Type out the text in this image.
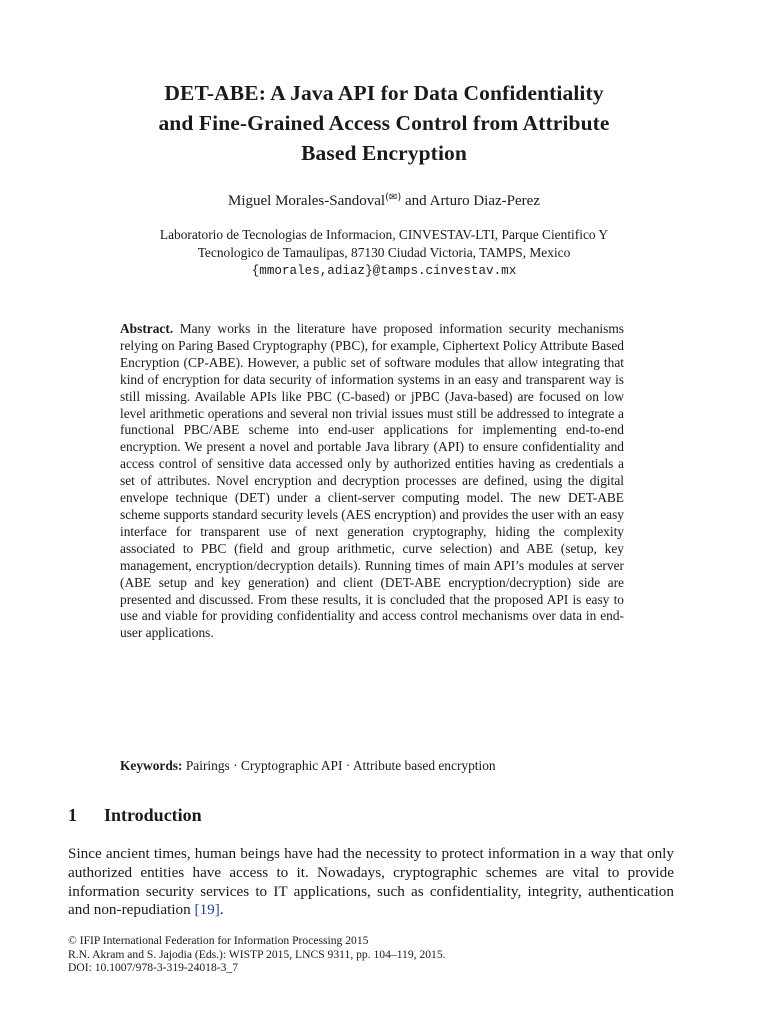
DET-ABE: A Java API for Data Confidentiality
and Fine-Grained Access Control from Attribute
Based Encryption
Miguel Morales-Sandoval(✉) and Arturo Diaz-Perez
Laboratorio de Tecnologias de Informacion, CINVESTAV-LTI, Parque Cientifico Y
Tecnologico de Tamaulipas, 87130 Ciudad Victoria, TAMPS, Mexico
{mmorales,adiaz}@tamps.cinvestav.mx
Abstract. Many works in the literature have proposed information security mechanisms relying on Paring Based Cryptography (PBC), for example, Ciphertext Policy Attribute Based Encryption (CP-ABE). However, a public set of software modules that allow integrating that kind of encryption for data security of information systems in an easy and transparent way is still missing. Available APIs like PBC (C-based) or jPBC (Java-based) are focused on low level arithmetic operations and several non trivial issues must still be addressed to integrate a functional PBC/ABE scheme into end-user applications for implementing end-to-end encryption. We present a novel and portable Java library (API) to ensure confidentiality and access control of sensitive data accessed only by authorized entities having as credentials a set of attributes. Novel encryption and decryption processes are defined, using the digital envelope technique (DET) under a client-server computing model. The new DET-ABE scheme supports standard security levels (AES encryption) and provides the user with an easy interface for transparent use of next generation cryptography, hiding the complexity associated to PBC (field and group arithmetic, curve selection) and ABE (setup, key management, encryption/decryption details). Running times of main API’s modules at server (ABE setup and key generation) and client (DET-ABE encryption/decryption) side are presented and discussed. From these results, it is concluded that the proposed API is easy to use and viable for providing confidentiality and access control mechanisms over data in end-user applications.
Keywords: Pairings · Cryptographic API · Attribute based encryption
1 Introduction
Since ancient times, human beings have had the necessity to protect information in a way that only authorized entities have access to it. Nowadays, cryptographic schemes are vital to provide information security services to IT applications, such as confidentiality, integrity, authentication and non-repudiation [19].
© IFIP International Federation for Information Processing 2015
R.N. Akram and S. Jajodia (Eds.): WISTP 2015, LNCS 9311, pp. 104–119, 2015.
DOI: 10.1007/978-3-319-24018-3_7
